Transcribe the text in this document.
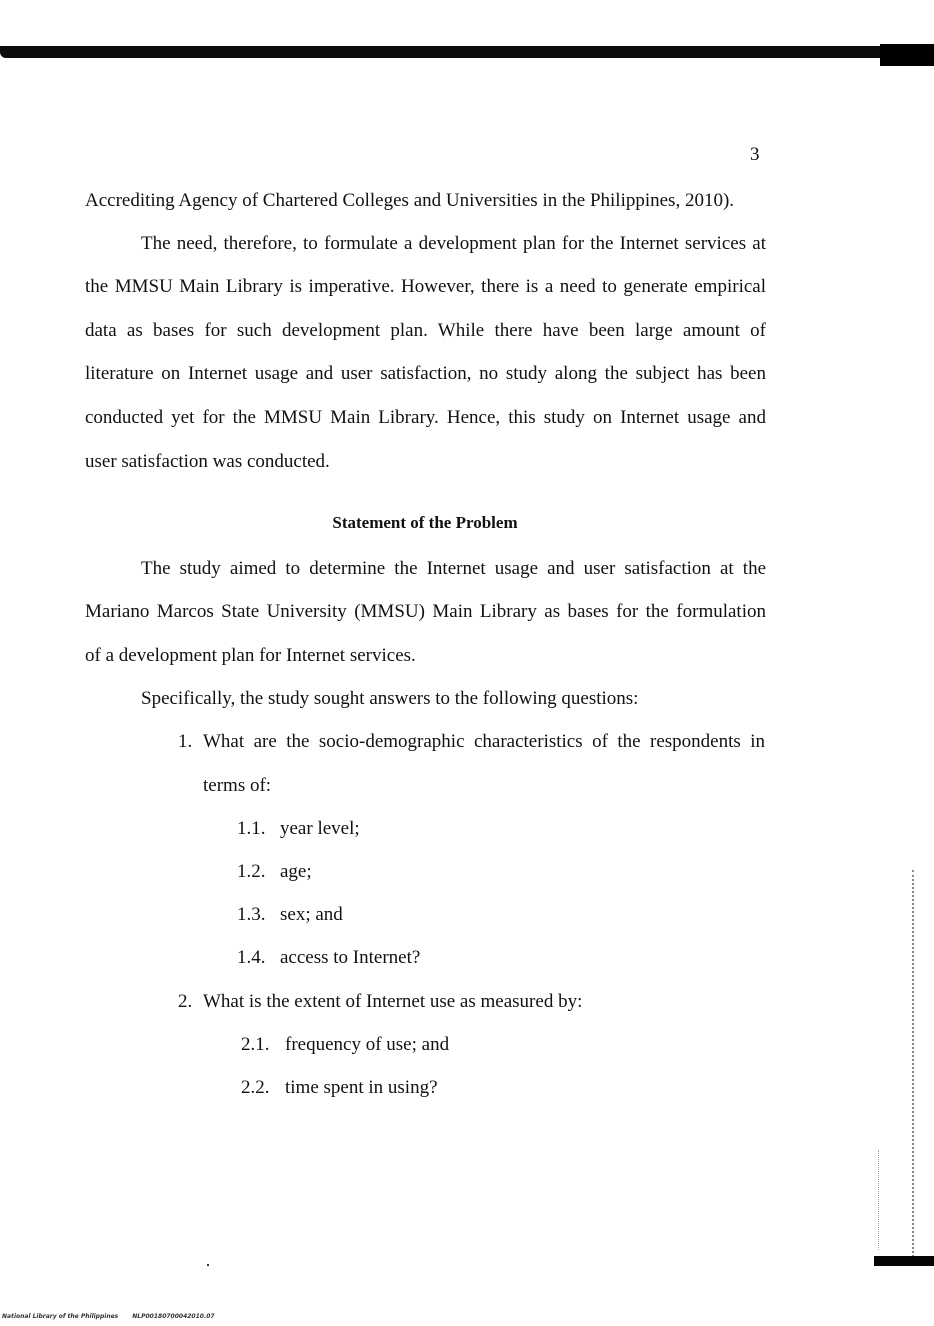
3
Accrediting Agency of Chartered Colleges and Universities in the Philippines, 2010).
The need, therefore, to formulate a development plan for the Internet services at
the MMSU Main Library is imperative. However, there is a need to generate empirical
data as bases for such development plan. While there have been large amount of
literature on Internet usage and user satisfaction, no study along the subject has been
conducted yet for the MMSU Main Library. Hence, this study on Internet usage and
user satisfaction was conducted.
Statement of the Problem
The study aimed to determine the Internet usage and user satisfaction at the
Mariano Marcos State University (MMSU) Main Library as bases for the formulation
of a development plan for Internet services.
Specifically, the study sought answers to the following questions:
1. What are the socio-demographic characteristics of the respondents in
terms of:
1.1. year level;
1.2. age;
1.3. sex; and
1.4. access to Internet?
2. What is the extent of Internet use as measured by:
2.1. frequency of use; and
2.2. time spent in using?
National Library of the Philippines NLP00180700042010.07
